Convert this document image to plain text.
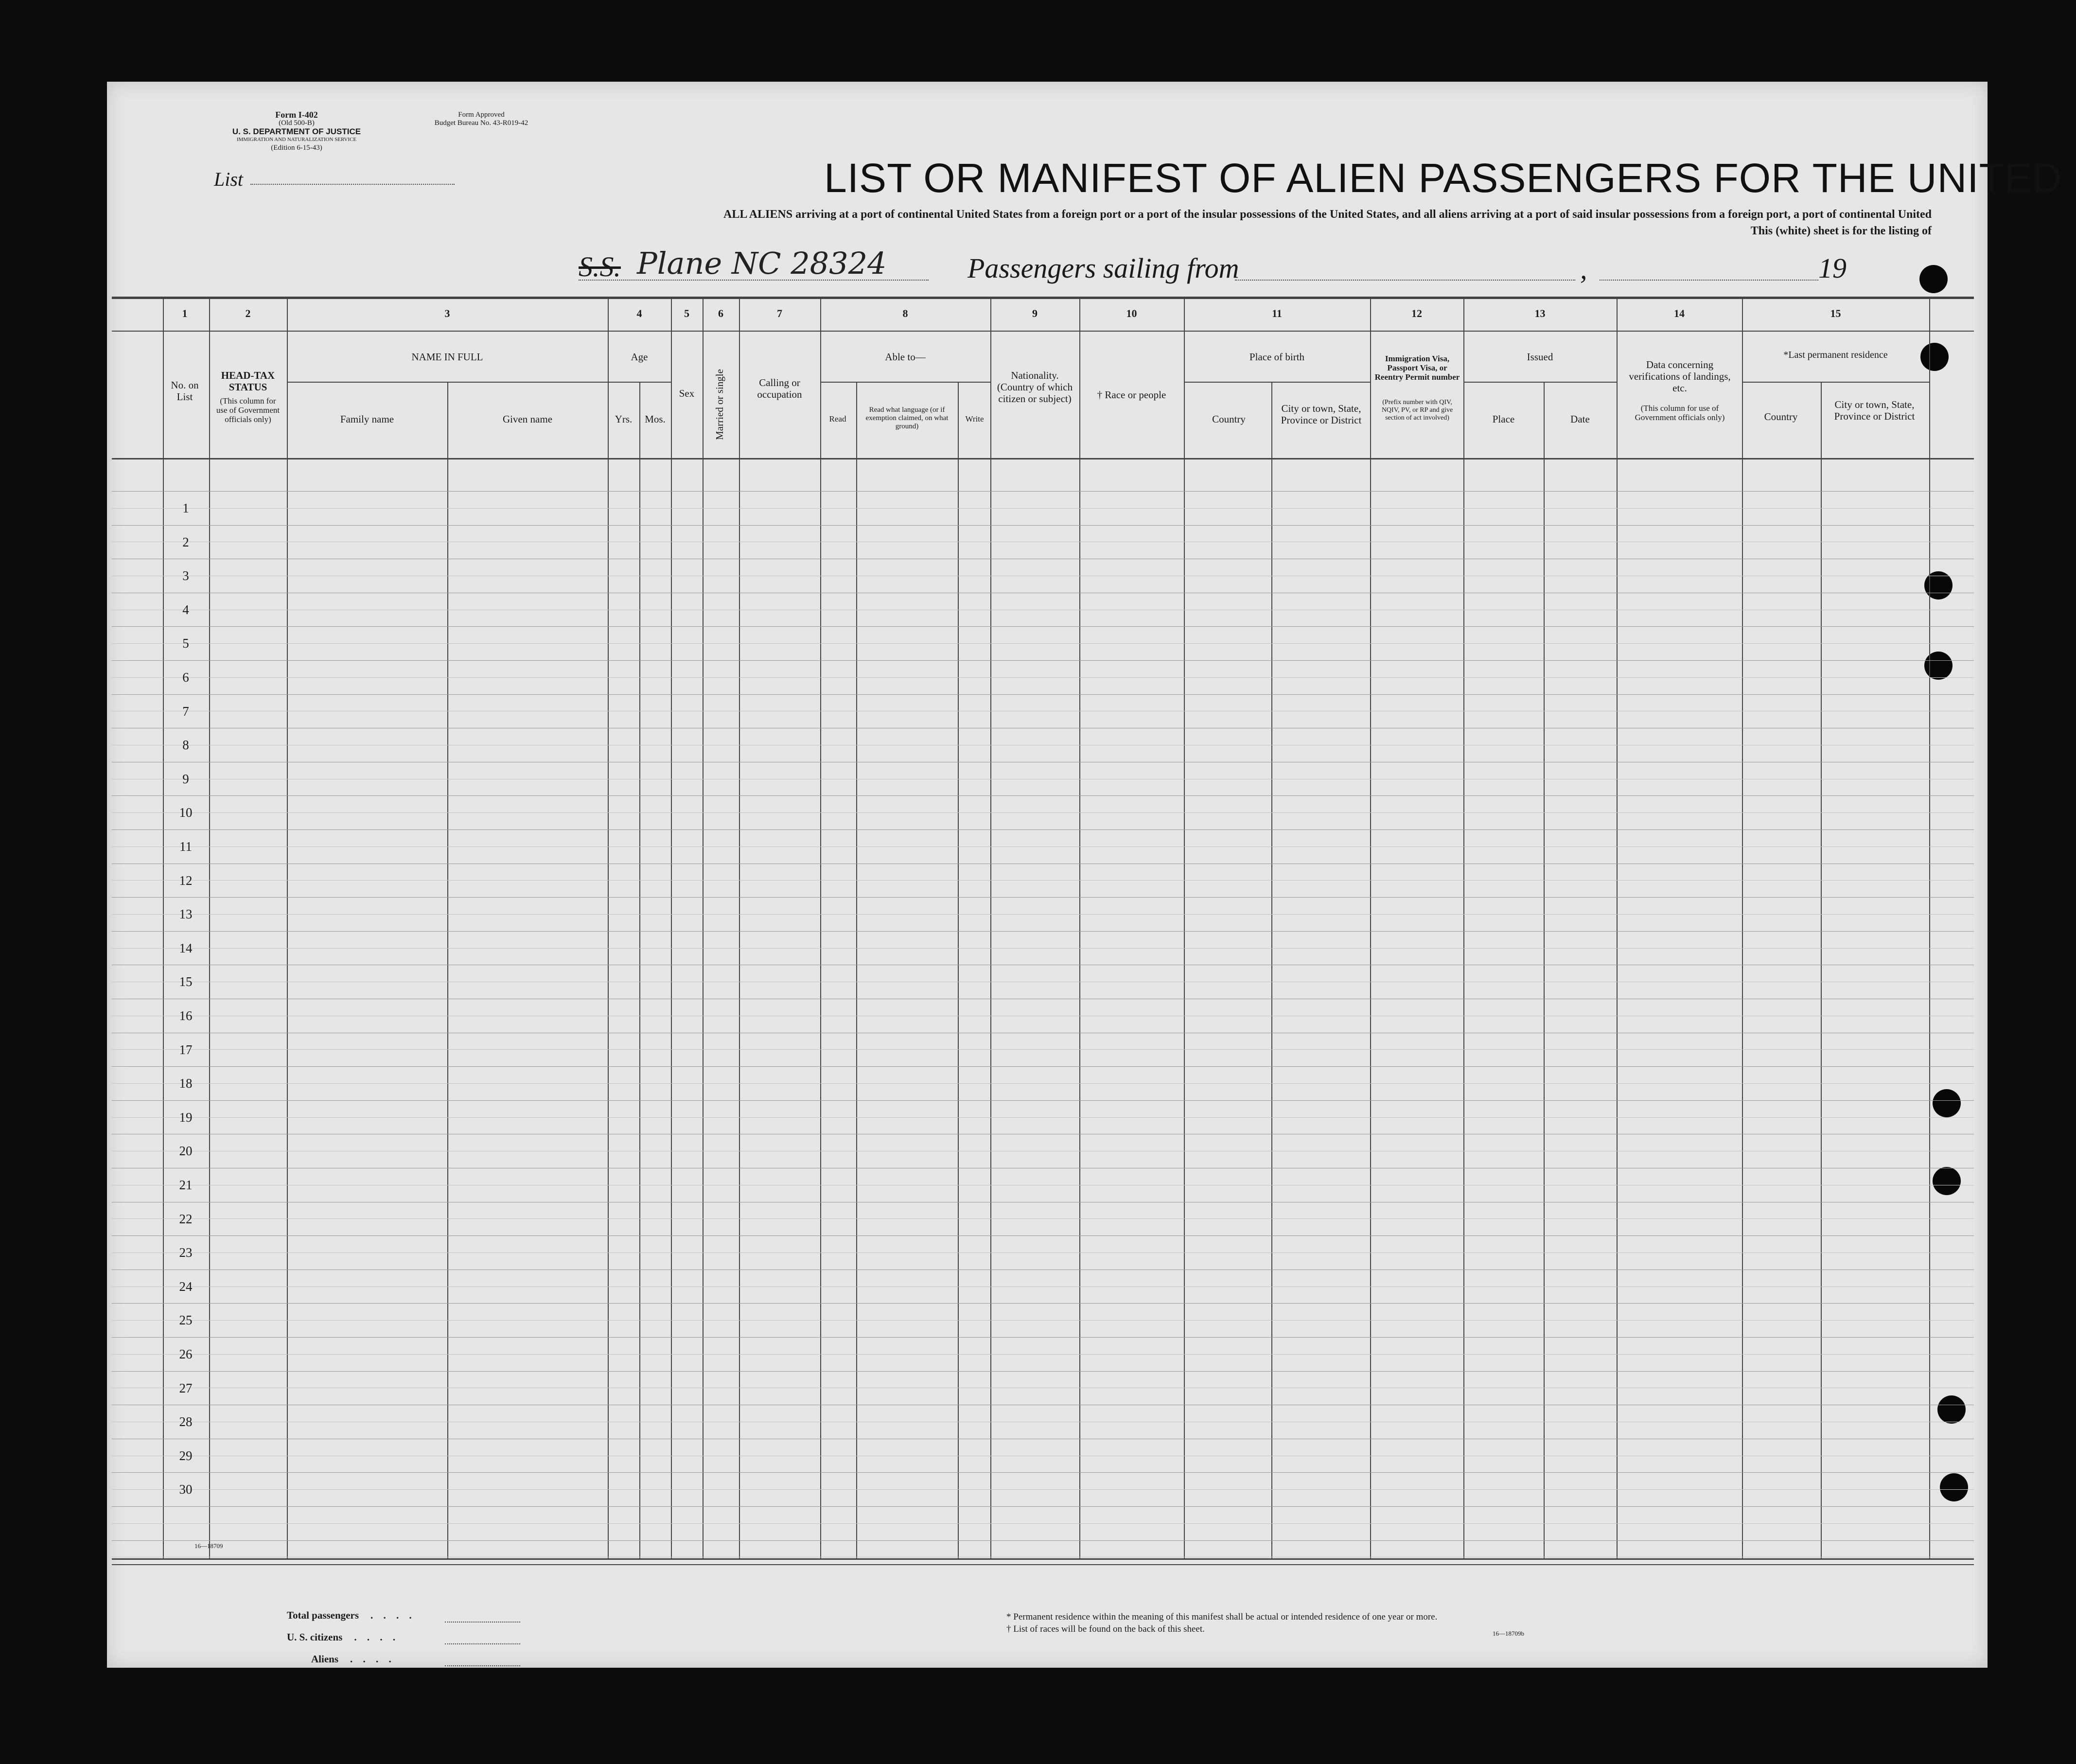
Form I-402
(Old 500-B)
U. S. DEPARTMENT OF JUSTICE
IMMIGRATION AND NATURALIZATION SERVICE
(Edition 6-15-43)
Form Approved
Budget Bureau No. 43-R019-42
List	LIST OR MANIFEST OF ALIEN PASSENGERS FOR THE UNITED
ALL ALIENS arriving at a port of continental United States from a foreign port or a port of the insular possessions of the United States, and all aliens arriving at a port of said insular possessions from a foreign port, a port of continental United
This (white) sheet is for the listing of
S.S. Plane NC 28324	Passengers sailing from	,	19
1	2	3	4	5	6	7	8	9	10	11	12	13	14	15
No. on List
HEAD-TAX STATUS
(This column for use of Government officials only)
NAME IN FULL
Family name	Given name
Age
Yrs.	Mos.
Sex	Married or single	Calling or occupation
Able to—
Read
Read what language (or if exemption claimed, on what ground)
Write
Nationality. (Country of which citizen or subject)	† Race or people
Place of birth
Country
City or town, State, Province or District
Immigration Visa, Passport Visa, or Reentry Permit number
(Prefix number with QIV, NQIV, PV, or RP and give section of act involved)
Issued
Place	Date
Data concerning verifications of landings, etc.
(This column for use of Government officials only)
*Last permanent residence
Country
City or town, State, Province or District
1
2
3
4
5
6
7
8
9
10
11
12
13
14
15
16
17
18
19
20
21
22
23
24
25
26
27
28
29
30
16—18709
16—18709b
Total passengers . . . .
U. S. citizens . . . .
Aliens . . . .
* Permanent residence within the meaning of this manifest shall be actual or intended residence of one year or more.
† List of races will be found on the back of this sheet.
